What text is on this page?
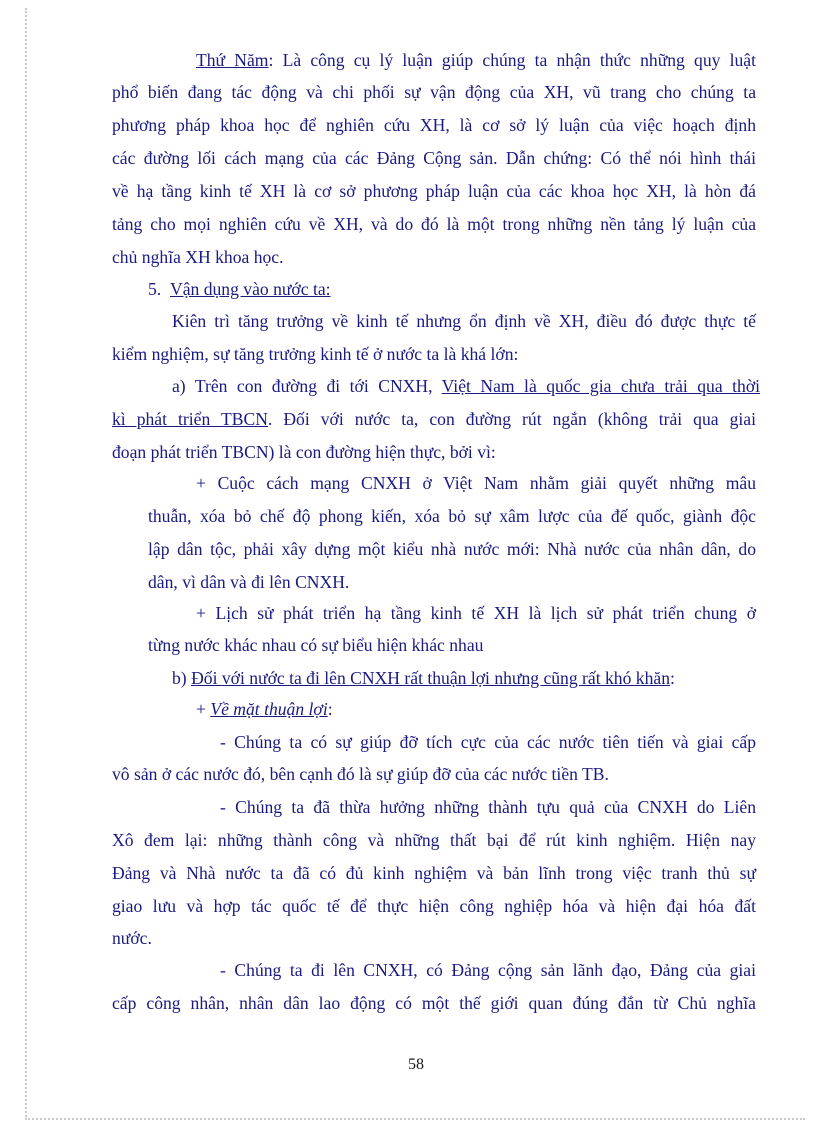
Thứ Năm: Là công cụ lý luận giúp chúng ta nhận thức những quy luật
phổ biến đang tác động và chi phối sự vận động của XH, vũ trang cho chúng ta
phương pháp khoa học để nghiên cứu XH, là cơ sở lý luận của việc hoạch định
các đường lối cách mạng của các Đảng Cộng sản. Dẫn chứng: Có thể nói hình thái
về hạ tầng kinh tế XH là cơ sở phương pháp luận của các khoa học XH, là hòn đá
tảng cho mọi nghiên cứu về XH, và do đó là một trong những nền tảng lý luận của
chủ nghĩa XH khoa học.
5. Vận dụng vào nước ta:
Kiên trì tăng trưởng về kinh tế nhưng ổn định về XH, điều đó được thực tế
kiểm nghiệm, sự tăng trưởng kinh tế ở nước ta là khá lớn:
a) Trên con đường đi tới CNXH, Việt Nam là quốc gia chưa trải qua thời
kì phát triển TBCN. Đối với nước ta, con đường rút ngắn (không trải qua giai
đoạn phát triển TBCN) là con đường hiện thực, bởi vì:
+ Cuộc cách mạng CNXH ở Việt Nam nhằm giải quyết những mâu
thuẫn, xóa bỏ chế độ phong kiến, xóa bỏ sự xâm lược của đế quốc, giành độc
lập dân tộc, phải xây dựng một kiểu nhà nước mới: Nhà nước của nhân dân, do
dân, vì dân và đi lên CNXH.
+ Lịch sử phát triển hạ tầng kinh tế XH là lịch sử phát triển chung ở
từng nước khác nhau có sự biểu hiện khác nhau
b) Đối với nước ta đi lên CNXH rất thuận lợi nhưng cũng rất khó khăn:
+ Về mặt thuận lợi:
- Chúng ta có sự giúp đỡ tích cực của các nước tiên tiến và giai cấp
vô sản ở các nước đó, bên cạnh đó là sự giúp đỡ của các nước tiền TB.
- Chúng ta đã thừa hưởng những thành tựu quả của CNXH do Liên
Xô đem lại: những thành công và những thất bại để rút kinh nghiệm. Hiện nay
Đảng và Nhà nước ta đã có đủ kinh nghiệm và bản lĩnh trong việc tranh thủ sự
giao lưu và hợp tác quốc tế để thực hiện công nghiệp hóa và hiện đại hóa đất
nước.
- Chúng ta đi lên CNXH, có Đảng cộng sản lãnh đạo, Đảng của giai
cấp công nhân, nhân dân lao động có một thế giới quan đúng đắn từ Chủ nghĩa
58
